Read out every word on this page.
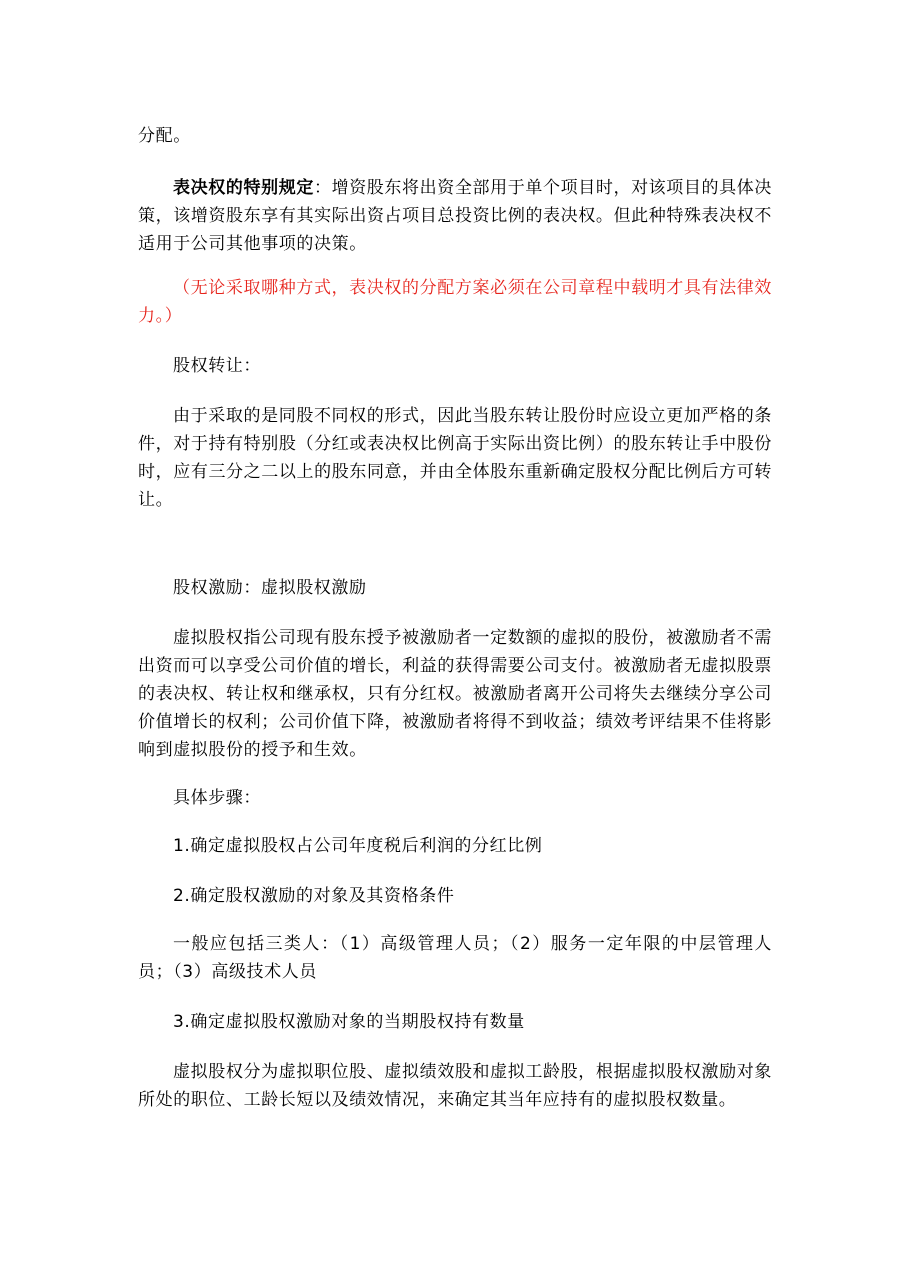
分配。

表决权的特别规定：增资股东将出资全部用于单个项目时，对该项目的具体决策，该增资股东享有其实际出资占项目总投资比例的表决权。但此种特殊表决权不适用于公司其他事项的决策。

（无论采取哪种方式，表决权的分配方案必须在公司章程中载明才具有法律效力。）

股权转让：

由于采取的是同股不同权的形式，因此当股东转让股份时应设立更加严格的条件，对于持有特别股（分红或表决权比例高于实际出资比例）的股东转让手中股份时，应有三分之二以上的股东同意，并由全体股东重新确定股权分配比例后方可转让。

股权激励：虚拟股权激励

虚拟股权指公司现有股东授予被激励者一定数额的虚拟的股份，被激励者不需出资而可以享受公司价值的增长，利益的获得需要公司支付。被激励者无虚拟股票的表决权、转让权和继承权，只有分红权。被激励者离开公司将失去继续分享公司价值增长的权利；公司价值下降，被激励者将得不到收益；绩效考评结果不佳将影响到虚拟股份的授予和生效。

具体步骤：

1.确定虚拟股权占公司年度税后利润的分红比例

2.确定股权激励的对象及其资格条件

一般应包括三类人：（1）高级管理人员；（2）服务一定年限的中层管理人员；（3）高级技术人员

3.确定虚拟股权激励对象的当期股权持有数量

虚拟股权分为虚拟职位股、虚拟绩效股和虚拟工龄股，根据虚拟股权激励对象所处的职位、工龄长短以及绩效情况，来确定其当年应持有的虚拟股权数量。
